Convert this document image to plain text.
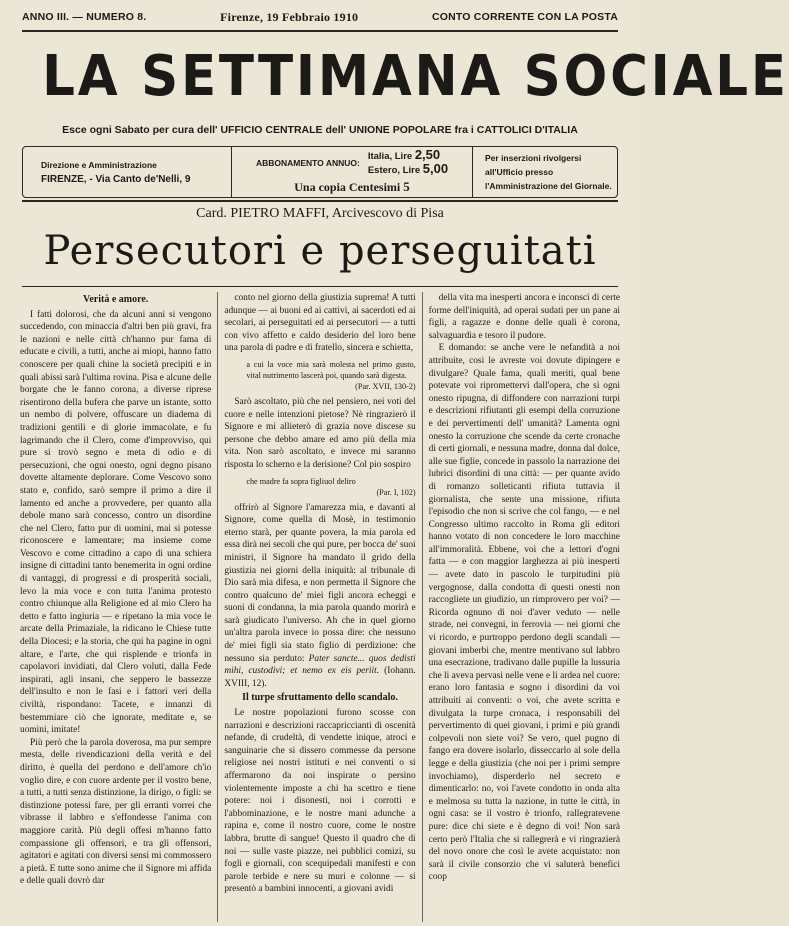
ANNO III. — NUMERO 8.	Firenze, 19 Febbraio 1910	CONTO CORRENTE CON LA POSTA
LA SETTIMANA SOCIALE
Esce ogni Sabato per cura dell' UFFICIO CENTRALE dell' UNIONE POPOLARE fra i CATTOLICI D'ITALIA
Direzione e Amministrazione
FIRENZE, - Via Canto de'Nelli, 9
ABBONAMENTO ANNUO:
Italia, Lire 2,50
Estero, Lire 5,00
Una copia Centesimi 5
Per inserzioni rivolgersi all'Ufficio presso
l'Amministrazione del Giornale.
Card. PIETRO MAFFI, Arcivescovo di Pisa
Persecutori e perseguitati
Verità e amore.

I fatti dolorosi, che da alcuni anni si vengono succedendo, con minaccia d'altri ben più gravi, fra le nazioni e nelle città ch'hanno pur fama di educate e civili, a tutti, anche ai miopi, hanno fatto conoscere per quali chine la società precipiti e in quali abissi sarà l'ultima rovina. Pisa e alcune delle borgate che le fanno corona, a diverse riprese risentirono della bufera che parve un istante, sotto un nembo di polvere, offuscare un diadema di tradizioni gentili e di glorie immacolate, e fu lagrimando che il Clero, come d'improvviso, qui pure si trovò segno e meta di odio e di persecuzioni, che ogni onesto, ogni degno pisano dovette altamente deplorare. Come Vescovo sono stato e, confido, sarò sempre il primo a dire il lamento ed anche a provvedere, per quanto alla debole mano sarà concesso, contro un disordine che nel Clero, fatto pur di uomini, mai si potesse riconoscere e lamentare; ma insieme come Vescovo e come cittadino a capo di una schiera insigne di cittadini tanto benemerita in ogni ordine di vantaggi, di progressi e di prosperità sociali, levo la mia voce e con tutta l'anima protesto contro chiunque alla Religione ed al mio Clero ha detto e fatto ingiuria — e ripetano la mia voce le arcate della Primaziale, la ridicano le Chiese tutte della Diocesi; e la storia, che qui ha pagine in ogni altare, e l'arte, che qui risplende e trionfa in capolavori invidiati, dal Clero voluti, dalla Fede inspirati, agli insani, che seppero le bassezze dell'insulto e non le fasi e i fattori veri della civiltà, rispondano: Tacete, e innanzi di bestemmiare ciò che ignorate, meditate e, se uomini, imitate!

Più però che la parola doverosa, ma pur sempre mesta, delle rivendicazioni della verità e del diritto, è quella del perdono e dell'amore ch'io voglio dire, e con cuore ardente per il vostro bene, a tutti, a tutti senza distinzione, la dirigo, o figli: se distinzione potessi fare, per gli erranti vorrei che vibrasse il labbro e s'effondesse l'anima con maggiore carità. Più degli offesi m'hanno fatto compassione gli offensori, e tra gli offensori, agitatori e agitati con diversi sensi mi commossero a pietà. E tutte sono anime che il Signore mi affida e delle quali dovrò dar

conto nel giorno della giustizia suprema! A tutti adunque — ai buoni ed ai cattivi, ai sacerdoti ed ai secolari, ai perseguitati ed ai persecutori — a tutti con vivo affetto e caldo desiderio del loro bene una parola di padre e di fratello, sincera e schietta,

a cui la voce mia sarà molesta nel primo gusto, vital nutrimento lascerà poi, quando sarà digesta.
(Par. XVII, 130-2)

Sarò ascoltato, più che nel pensiero, nei voti del cuore e nelle intenzioni pietose? Nè ringrazierò il Signore e mi allieterò di grazia nove discese su persone che debbo amare ed amo più della mia vita. Non sarò ascoltato, e invece mi saranno risposta lo scherno e la derisione? Col pio sospiro

che madre fa sopra figliuol deliro
(Par. I, 102)

offrirò al Signore l'amarezza mia, e davanti al Signore, come quella di Mosè, in testimonio eterno starà, per quante povera, la mia parola ed essa dirà nei secoli che qui pure, per bocca de' suoi ministri, il Signore ha mandato il grido della giustizia nei giorni della iniquità: al tribunale di Dio sarà mia difesa, e non permetta il Signore che contro qualcuno de' miei figli ancora echeggi e suoni di condanna, la mia parola quando morirà e sarà giudicato l'universo. Ah che in quel giorno un'altra parola invece io possa dire: che nessuno de' miei figli sia stato figlio di perdizione: che nessuno sia perduto: Pater sancte... quos dedisti mihi, custodivi; et nemo ex eis periit. (Iohann. XVIII, 12).

Il turpe sfruttamento dello scandalo.

Le nostre popolazioni furono scosse con narrazioni e descrizioni raccapriccianti di oscenità nefande, di crudeltà, di vendette inique, atroci e sanguinarie che si dissero commesse da persone religiose nei nostri istituti e nei conventi o si affermarono da noi inspirate o persino violentemente imposte a chi ha scettro e tiene potere: noi i disonesti, noi i corrotti e l'abbominazione, e le nostre mani adunche a rapina e, come il nostro cuore, come le nostre labbra, brutte di sangue! Questo il quadro che di noi — sulle vaste piazze, nei pubblici comizi, su fogli e giornali, con scequipedali manifesti e con parole terbide e nere su muri e colonne — si presentò a bambini innocenti, a giovani avidi

della vita ma inesperti ancora e inconsci di certe forme dell'iniquità, ad operai sudati per un pane ai figli, a ragazze e donne delle quali è corona, salvaguardia e tesoro il pudore.

E domando: se anche vere le nefandità a noi attribuite, così le avreste voi dovute dipingere e divulgare? Quale fama, quali meriti, qual bene potevate voi ripromettervi dall'opera, che sì ogni onesto ripugna, di diffondere con narrazioni turpi e descrizioni rifiutanti gli esempi della corruzione e dei pervertimenti dell' umanità? Lamenta ogni onesto la corruzione che scende da certe cronache di certi giornali, e nessuna madre, donna dal dolce, alle sue figlie, concede in passolo la narrazione dei lubrici disordini di una città: — per quante avido di romanzo solleticanti rifiuta tuttavia il giornalista, che sente una missione, rifiuta l'episodio che non si scrive che col fango, — e nel Congresso ultimo raccolto in Roma gli editori hanno votato di non concedere le loro macchine all'immoralità. Ebbene, voi che a lettori d'ogni fatta — e con maggior larghezza ai più inesperti — avete dato in pascolo le turpitudini più vergognose, dalla condotta di questi onesti non raccogliete un giudizio, un rimprovero per voi? — Ricorda ognuno di noi d'aver veduto — nelle strade, nei convegni, in ferrovia — nei giorni che vi ricordo, e purtroppo perdono degli scandali — giovani imberbi che, mentre mentivano sul labbro una esecrazione, tradivano dalle pupille la lussuria che li aveva pervasi nelle vene e li ardea nel cuore: erano loro fantasia e sogno i disordini da voi attribuiti ai conventi: o voi, che avete scritta e divulgata la turpe cronaca, i responsabili del pervertimento di quei giovani, i primi e più grandi colpevoli non siete voi? Se vero, quel pugno di fango era dovere isolarlo, disseccarlo al sole della legge e della giustizia (che noi per i primi sempre invochiamo), disperderlo nel secreto e dimenticarlo: no, voi l'avete condotto in onda alta e melmosa su tutta la nazione, in tutte le città, in ogni casa: se il vostro è trionfo, rallegratevene pure: dice chi siete e è degno di voi! Non sarà certo però l'Italia che si rallegrerà e vi ringrazierà del novo onore che così le avete acquistato: non sarà il civile consorzio che vi saluterà benefici coop
